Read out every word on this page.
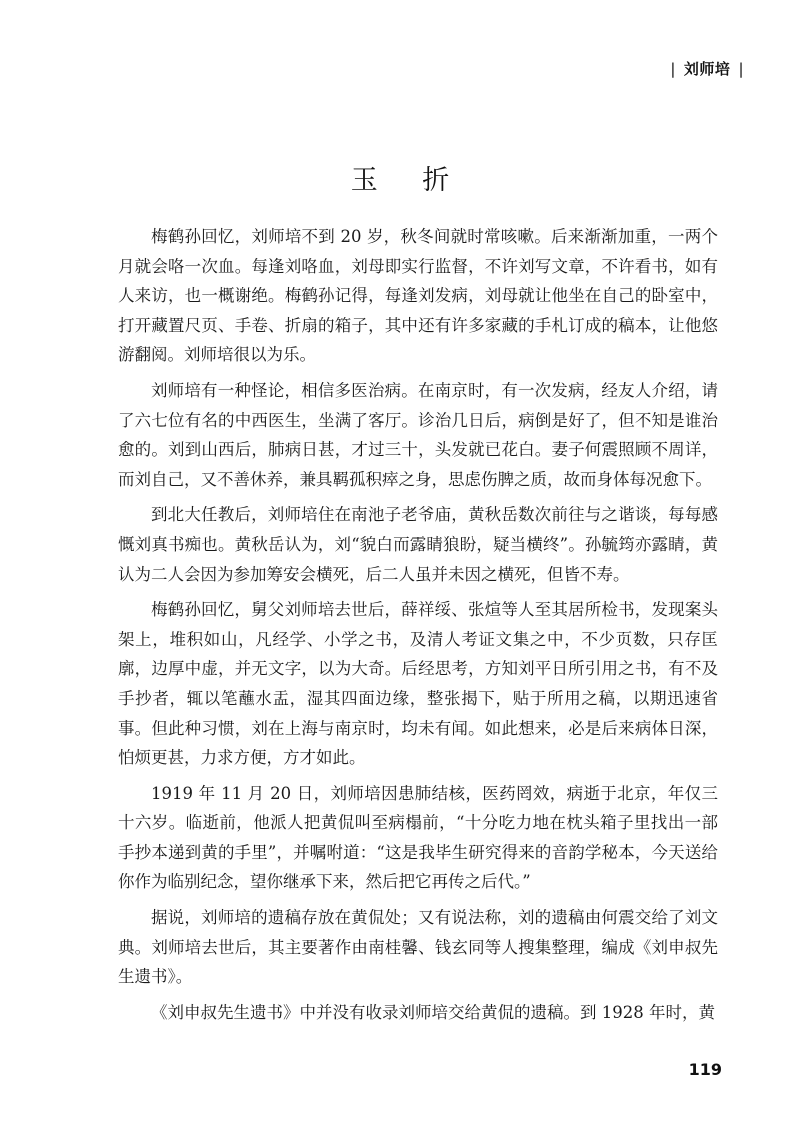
| 刘师培 |
玉 折

梅鹤孙回忆，刘师培不到 20 岁，秋冬间就时常咳嗽。后来渐渐加重，一两个月就会咯一次血。每逢刘咯血，刘母即实行监督，不许刘写文章，不许看书，如有人来访，也一概谢绝。梅鹤孙记得，每逢刘发病，刘母就让他坐在自己的卧室中，打开藏置尺页、手卷、折扇的箱子，其中还有许多家藏的手札订成的稿本，让他悠游翻阅。刘师培很以为乐。

刘师培有一种怪论，相信多医治病。在南京时，有一次发病，经友人介绍，请了六七位有名的中西医生，坐满了客厅。诊治几日后，病倒是好了，但不知是谁治愈的。刘到山西后，肺病日甚，才过三十，头发就已花白。妻子何震照顾不周详，而刘自己，又不善休养，兼具羁孤积瘁之身，思虑伤脾之质，故而身体每况愈下。

到北大任教后，刘师培住在南池子老爷庙，黄秋岳数次前往与之谐谈，每每感慨刘真书痴也。黄秋岳认为，刘“貌白而露睛狼盼，疑当横终”。孙毓筠亦露睛，黄认为二人会因为参加筹安会横死，后二人虽并未因之横死，但皆不寿。

梅鹤孙回忆，舅父刘师培去世后，薛祥绥、张煊等人至其居所检书，发现案头架上，堆积如山，凡经学、小学之书，及清人考证文集之中，不少页数，只存匡廓，边厚中虚，并无文字，以为大奇。后经思考，方知刘平日所引用之书，有不及手抄者，辄以笔蘸水盂，湿其四面边缘，整张揭下，贴于所用之稿，以期迅速省事。但此种习惯，刘在上海与南京时，均未有闻。如此想来，必是后来病体日深，怕烦更甚，力求方便，方才如此。

1919 年 11 月 20 日，刘师培因患肺结核，医药罔效，病逝于北京，年仅三十六岁。临逝前，他派人把黄侃叫至病榻前，“十分吃力地在枕头箱子里找出一部手抄本递到黄的手里”，并嘱咐道：“这是我毕生研究得来的音韵学秘本，今天送给你作为临别纪念，望你继承下来，然后把它再传之后代。”

据说，刘师培的遗稿存放在黄侃处；又有说法称，刘的遗稿由何震交给了刘文典。刘师培去世后，其主要著作由南桂馨、钱玄同等人搜集整理，编成《刘申叔先生遗书》。

《刘申叔先生遗书》中并没有收录刘师培交给黄侃的遗稿。到 1928 年时，黄

119
